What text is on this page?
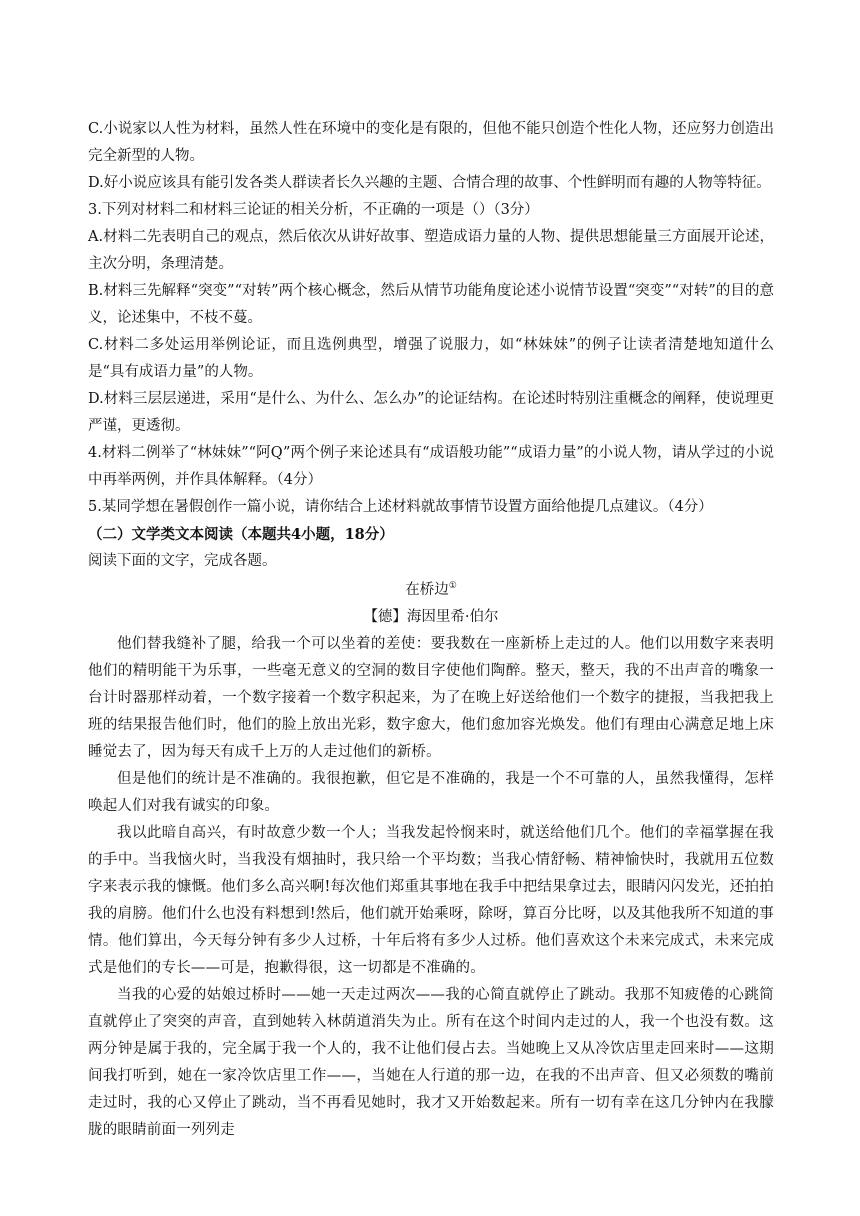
C.小说家以人性为材料，虽然人性在环境中的变化是有限的，但他不能只创造个性化人物，还应努力创造出完全新型的人物。

D.好小说应该具有能引发各类人群读者长久兴趣的主题、合情合理的故事、个性鲜明而有趣的人物等特征。

3.下列对材料二和材料三论证的相关分析，不正确的一项是（）（3分）

A.材料二先表明自己的观点，然后依次从讲好故事、塑造成语力量的人物、提供思想能量三方面展开论述，主次分明，条理清楚。

B.材料三先解释“突变”“对转”两个核心概念，然后从情节功能角度论述小说情节设置“突变”“对转”的目的意义，论述集中，不枝不蔓。

C.材料二多处运用举例论证，而且选例典型，增强了说服力，如“林妹妹”的例子让读者清楚地知道什么是“具有成语力量”的人物。

D.材料三层层递进，采用“是什么、为什么、怎么办”的论证结构。在论述时特别注重概念的阐释，使说理更严谨，更透彻。

4.材料二例举了“林妹妹”“阿Q”两个例子来论述具有“成语般功能”“成语力量”的小说人物，请从学过的小说中再举两例，并作具体解释。（4分）

5.某同学想在暑假创作一篇小说，请你结合上述材料就故事情节设置方面给他提几点建议。（4分）

（二）文学类文本阅读（本题共4小题，18分）

阅读下面的文字，完成各题。

在桥边①

【德】海因里希·伯尔

他们替我缝补了腿，给我一个可以坐着的差使：要我数在一座新桥上走过的人。他们以用数字来表明他们的精明能干为乐事，一些毫无意义的空洞的数目字使他们陶醉。整天，整天，我的不出声音的嘴象一台计时器那样动着，一个数字接着一个数字积起来，为了在晚上好送给他们一个数字的捷报，当我把我上班的结果报告他们时，他们的脸上放出光彩，数字愈大，他们愈加容光焕发。他们有理由心满意足地上床睡觉去了，因为每天有成千上万的人走过他们的新桥。

但是他们的统计是不准确的。我很抱歉，但它是不准确的，我是一个不可靠的人，虽然我懂得，怎样唤起人们对我有诚实的印象。

我以此暗自高兴，有时故意少数一个人；当我发起怜悯来时，就送给他们几个。他们的幸福掌握在我的手中。当我恼火时，当我没有烟抽时，我只给一个平均数；当我心情舒畅、精神愉快时，我就用五位数字来表示我的慷慨。他们多么高兴啊!每次他们郑重其事地在我手中把结果拿过去，眼睛闪闪发光，还拍拍我的肩膀。他们什么也没有料想到!然后，他们就开始乘呀，除呀，算百分比呀，以及其他我所不知道的事情。他们算出，今天每分钟有多少人过桥，十年后将有多少人过桥。他们喜欢这个未来完成式，未来完成式是他们的专长——可是，抱歉得很，这一切都是不准确的。

当我的心爱的姑娘过桥时——她一天走过两次——我的心简直就停止了跳动。我那不知疲倦的心跳简直就停止了突突的声音，直到她转入林荫道消失为止。所有在这个时间内走过的人，我一个也没有数。这两分钟是属于我的，完全属于我一个人的，我不让他们侵占去。当她晚上又从冷饮店里走回来时——这期间我打听到，她在一家冷饮店里工作——，当她在人行道的那一边，在我的不出声音、但又必须数的嘴前走过时，我的心又停止了跳动，当不再看见她时，我才又开始数起来。所有一切有幸在这几分钟内在我朦胧的眼睛前面一列列走
